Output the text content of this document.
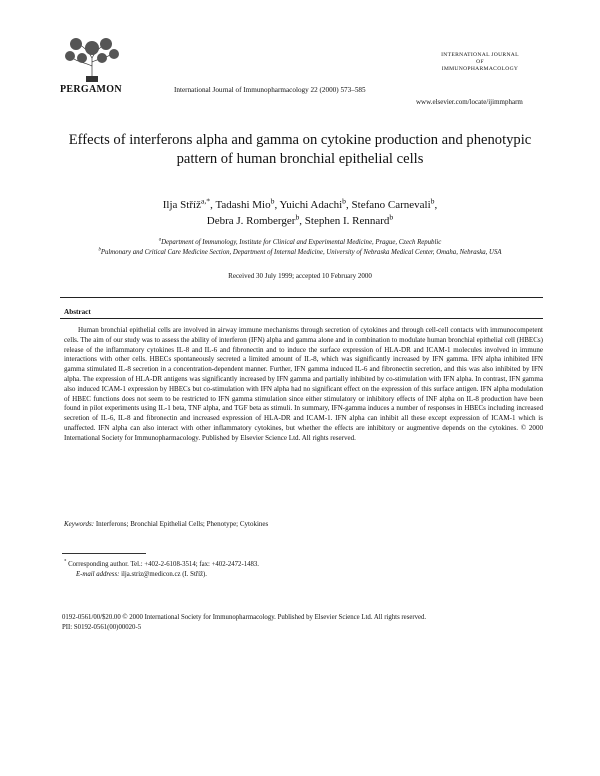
PERGAMON	International Journal of Immunopharmacology 22 (2000) 573–585
INTERNATIONAL JOURNAL
OF
IMMUNOPHARMACOLOGY
www.elsevier.com/locate/ijimmpharm
Effects of interferons alpha and gamma on cytokine production and phenotypic pattern of human bronchial epithelial cells
Ilja Stříž$^{a,*}$, Tadashi Mio$^b$, Yuichi Adachi$^b$, Stefano Carnevali$^b$,
Debra J. Romberger$^b$, Stephen I. Rennard$^b$
$^a$Department of Immunology, Institute for Clinical and Experimental Medicine, Prague, Czech Republic
$^b$Pulmonary and Critical Care Medicine Section, Department of Internal Medicine, University of Nebraska Medical Center, Omaha, Nebraska, USA
Received 30 July 1999; accepted 10 February 2000
Abstract
Human bronchial epithelial cells are involved in airway immune mechanisms through secretion of cytokines and through cell-cell contacts with immunocompetent cells. The aim of our study was to assess the ability of interferon (IFN) alpha and gamma alone and in combination to modulate human bronchial epithelial cell (HBECs) release of the inflammatory cytokines IL-8 and IL-6 and fibronectin and to induce the surface expression of HLA-DR and ICAM-1 molecules involved in immune interactions with other cells. HBECs spontaneously secreted a limited amount of IL-8, which was significantly increased by IFN gamma. IFN alpha inhibited IFN gamma stimulated IL-8 secretion in a concentration-dependent manner. Further, IFN gamma induced IL-6 and fibronectin secretion, and this was also inhibited by IFN alpha. The expression of HLA-DR antigens was significantly increased by IFN gamma and partially inhibited by co-stimulation with IFN alpha. In contrast, IFN gamma also induced ICAM-1 expression by HBECs but co-stimulation with IFN alpha had no significant effect on the expression of this surface antigen. IFN alpha modulation of HBEC functions does not seem to be restricted to IFN gamma stimulation since either stimulatory or inhibitory effects of INF alpha on IL-8 production have been found in pilot experiments using IL-1 beta, TNF alpha, and TGF beta as stimuli. In summary, IFN-gamma induces a number of responses in HBECs including increased secretion of IL-6, IL-8 and fibronectin and increased expression of HLA-DR and ICAM-1. IFN alpha can inhibit all these except expression of ICAM-1 which is unaffected. IFN alpha can also interact with other inflammatory cytokines, but whether the effects are inhibitory or augmentive depends on the cytokines. © 2000 International Society for Immunopharmacology. Published by Elsevier Science Ltd. All rights reserved.
Keywords: Interferons; Bronchial Epithelial Cells; Phenotype; Cytokines
* Corresponding author. Tel.: +402-2-6108-3514; fax: +402-2472-1483.
E-mail address: ilja.striz@medicon.cz (I. Stříž).
0192-0561/00/$20.00 © 2000 International Society for Immunopharmacology. Published by Elsevier Science Ltd. All rights reserved.
PII: S0192-0561(00)00020-5
